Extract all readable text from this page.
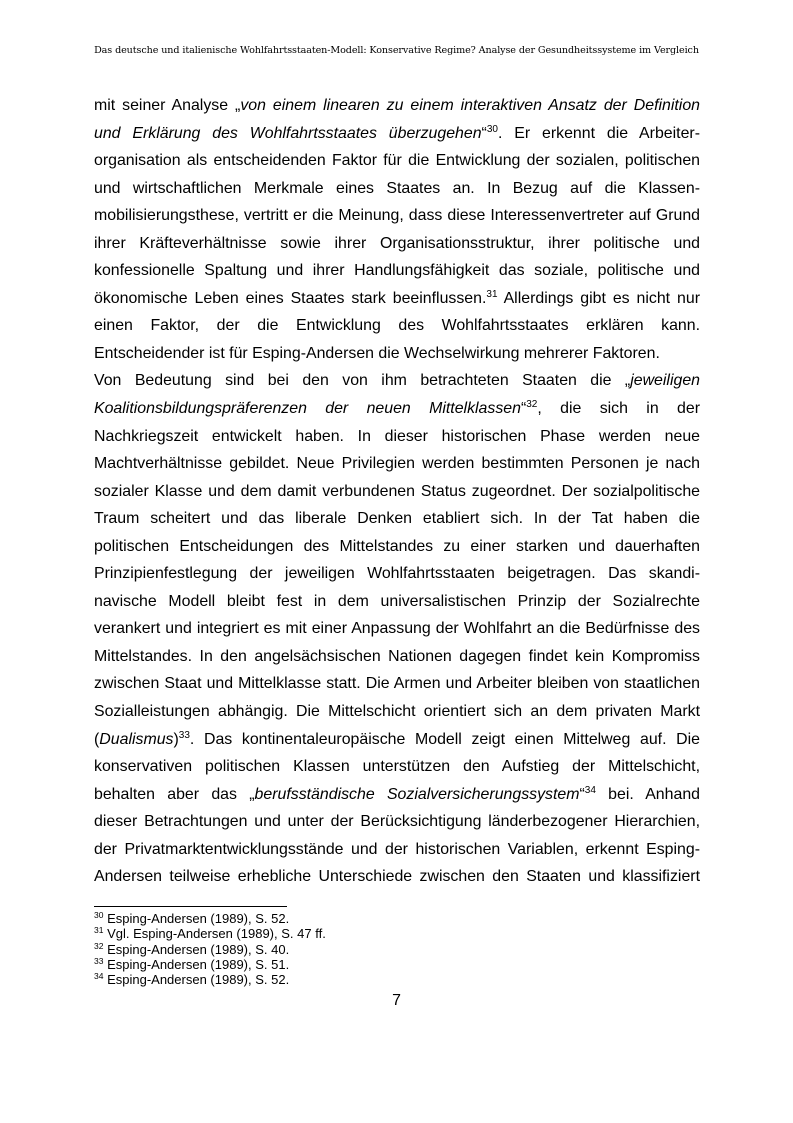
Das deutsche und italienische Wohlfahrtsstaaten-Modell: Konservative Regime? Analyse der Gesundheitssysteme im Vergleich
mit seiner Analyse „von einem linearen zu einem interaktiven Ansatz der Definition
und Erklärung des Wohlfahrtsstaates überzugehen“$^{30}$. Er erkennt die Arbeiter-
organisation als entscheidenden Faktor für die Entwicklung der sozialen, politischen
und wirtschaftlichen Merkmale eines Staates an. In Bezug auf die Klassen-
mobilisierungsthese, vertritt er die Meinung, dass diese Interessenvertreter auf Grund
ihrer Kräfteverhältnisse sowie ihrer Organisationsstruktur, ihrer politische und
konfessionelle Spaltung und ihrer Handlungsfähigkeit das soziale, politische und
ökonomische Leben eines Staates stark beeinflussen.$^{31}$ Allerdings gibt es nicht nur
einen Faktor, der die Entwicklung des Wohlfahrtsstaates erklären kann.
Entscheidender ist für Esping-Andersen die Wechselwirkung mehrerer Faktoren.
Von Bedeutung sind bei den von ihm betrachteten Staaten die „jeweiligen
Koalitionsbildungspräferenzen der neuen Mittelklassen“$^{32}$, die sich in der
Nachkriegszeit entwickelt haben. In dieser historischen Phase werden neue
Machtverhältnisse gebildet. Neue Privilegien werden bestimmten Personen je nach
sozialer Klasse und dem damit verbundenen Status zugeordnet. Der sozialpolitische
Traum scheitert und das liberale Denken etabliert sich. In der Tat haben die
politischen Entscheidungen des Mittelstandes zu einer starken und dauerhaften
Prinzipienfestlegung der jeweiligen Wohlfahrtsstaaten beigetragen. Das skandi-
navische Modell bleibt fest in dem universalistischen Prinzip der Sozialrechte
verankert und integriert es mit einer Anpassung der Wohlfahrt an die Bedürfnisse des
Mittelstandes. In den angelsächsischen Nationen dagegen findet kein Kompromiss
zwischen Staat und Mittelklasse statt. Die Armen und Arbeiter bleiben von staatlichen
Sozialleistungen abhängig. Die Mittelschicht orientiert sich an dem privaten Markt
(Dualismus)$^{33}$. Das kontinentaleuropäische Modell zeigt einen Mittelweg auf. Die
konservativen politischen Klassen unterstützen den Aufstieg der Mittelschicht,
behalten aber das „berufsständische Sozialversicherungssystem“$^{34}$ bei. Anhand
dieser Betrachtungen und unter der Berücksichtigung länderbezogener Hierarchien,
der Privatmarktentwicklungsstände und der historischen Variablen, erkennt Esping-
Andersen teilweise erhebliche Unterschiede zwischen den Staaten und klassifiziert
$^{30}$ Esping-Andersen (1989), S. 52.
$^{31}$ Vgl. Esping-Andersen (1989), S. 47 ff.
$^{32}$ Esping-Andersen (1989), S. 40.
$^{33}$ Esping-Andersen (1989), S. 51.
$^{34}$ Esping-Andersen (1989), S. 52.
7
